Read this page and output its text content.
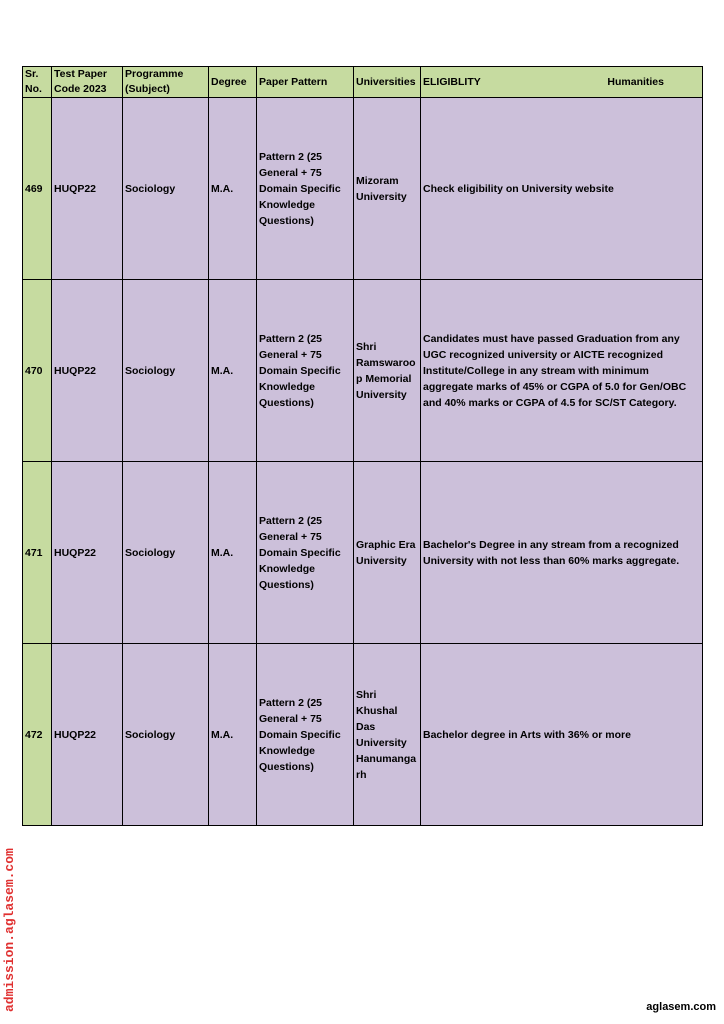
Sr. No.	Test Paper Code 2023	Programme (Subject)	Degree	Paper Pattern	Universities	ELIGIBLITY Humanities

469	HUQP22	Sociology	M.A.	Pattern 2 (25 General + 75 Domain Specific Knowledge Questions)	Mizoram University	Check eligibility on University website
470	HUQP22	Sociology	M.A.	Pattern 2 (25 General + 75 Domain Specific Knowledge Questions)	Shri Ramswaroop Memorial University	Candidates must have passed Graduation from any UGC recognized university or AICTE recognized Institute/College in any stream with minimum aggregate marks of 45% or CGPA of 5.0 for Gen/OBC and 40% marks or CGPA of 4.5 for SC/ST Category.
471	HUQP22	Sociology	M.A.	Pattern 2 (25 General + 75 Domain Specific Knowledge Questions)	Graphic Era University	Bachelor's Degree in any stream from a recognized University with not less than 60% marks aggregate.
472	HUQP22	Sociology	M.A.	Pattern 2 (25 General + 75 Domain Specific Knowledge Questions)	Shri Khushal Das University Hanumangarh	Bachelor degree in Arts with 36% or more
admission.aglasem.com	aglasem.com
